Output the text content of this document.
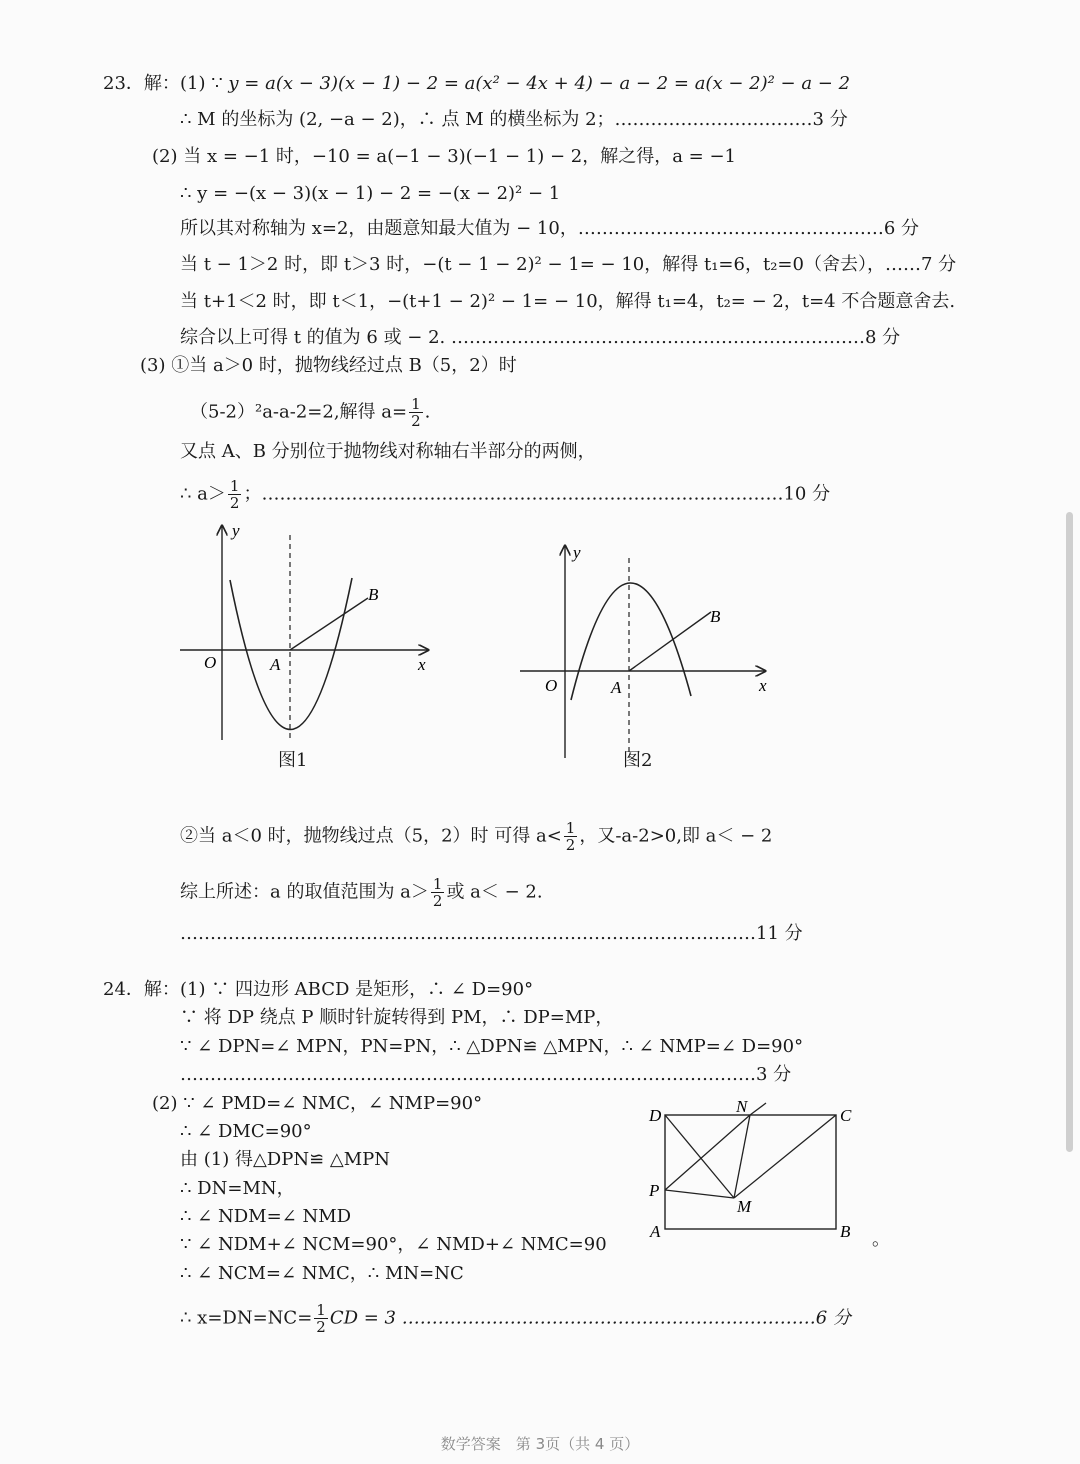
23．解： (1) ∵ y = a(x − 3)(x − 1) − 2 = a(x² − 4x + 4) − a − 2 = a(x − 2)² − a − 2
∴ M 的坐标为 (2, −a − 2)，∴ 点 M 的横坐标为 2；……………………………3 分
(2) 当 x = −1 时，−10 = a(−1 − 3)(−1 − 1) − 2，解之得，a = −1
∴ y = −(x − 3)(x − 1) − 2 = −(x − 2)² − 1
所以其对称轴为 x=2，由题意知最大值为 − 10，……………………………………………6 分
当 t − 1＞2 时，即 t＞3 时，−(t − 1 − 2)² − 1= − 10，解得 t₁=6，t₂=0（舍去），……7 分
当 t+1＜2 时，即 t＜1，−(t+1 − 2)² − 1= − 10，解得 t₁=4，t₂= − 2，t=4 不合题意舍去.
综合以上可得 t 的值为 6 或 − 2. ……………………………………………………………8 分
(3) ①当 a＞0 时，抛物线经过点 B（5，2）时
（5-2）²a-a-2=2,解得 $a= \frac{1}{2}$ .
又点 A、B 分别位于抛物线对称轴右半部分的两侧，
∴ $a> \frac{1}{2}$ ；……………………………………………………………………………10 分
y
x
O	A
B
图1
y
x
O	A
B
图2
②当 a＜0 时，抛物线过点（5，2）时 可得 $a< \frac{1}{2}$ ，又-a-2>0,即 a＜ − 2
综上所述：a 的取值范围为 $a> \frac{1}{2}$ 或 a＜ − 2.
……………………………………………………………………………………11 分
24．解： (1) ∵ 四边形 ABCD 是矩形，∴ ∠ D=90°
∵ 将 DP 绕点 P 顺时针旋转得到 PM，∴ DP=MP，
∵ ∠ DPN=∠ MPN，PN=PN，∴ △DPN≌ △MPN，∴ ∠ NMP=∠ D=90°
……………………………………………………………………………………3 分
(2) ∵ ∠ PMD=∠ NMC，∠ NMP=90°
∴ ∠ DMC=90°
由 (1) 得△DPN≌ △MPN
∴ DN=MN，
∴ ∠ NDM=∠ NMD
∵ ∠ NDM+∠ NCM=90°，∠ NMD+∠ NMC=90
∴ ∠ NCM=∠ NMC，∴ MN=NC
∴ $x=DN=NC= \frac{1}{2}$ CD = 3 ……………………………………………………………6 分
D	N	C
P
M
A	B 。
数学答案　第 3页（共 4 页）
